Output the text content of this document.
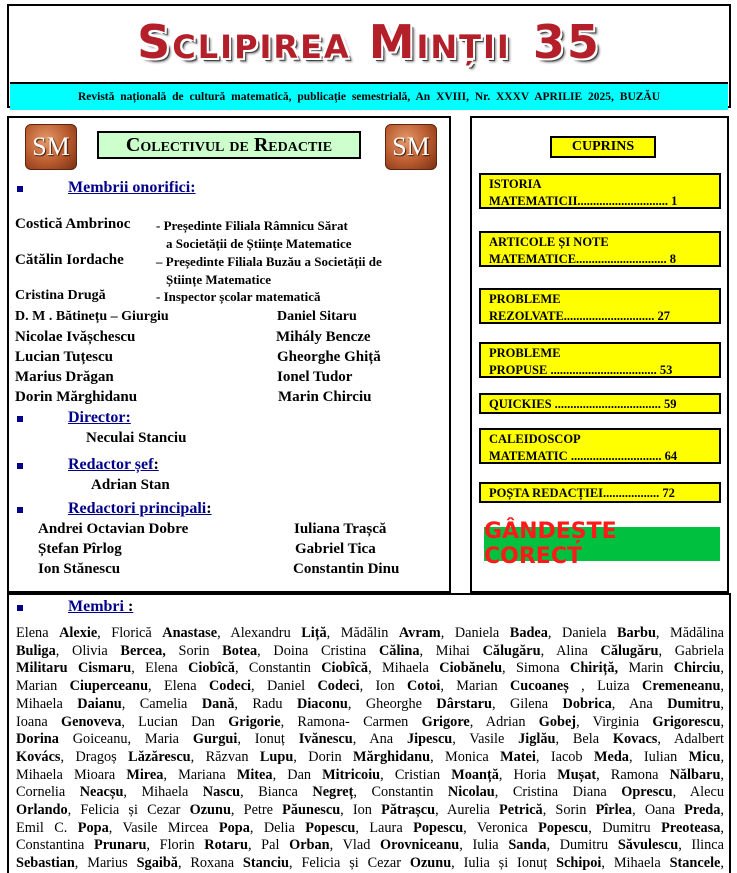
Sclipirea Minții 35
Revistă națională de cultură matematică, publicație semestrială, An XVIII, Nr. XXXV APRILIE 2025, BUZĂU
SM	Colectivul de Redactie	SM
Membrii onorifici:
Costică Ambrinoc - Președinte Filiala Râmnicu Sărat
a Societății de Științe Matematice
Cătălin Iordache – Președinte Filiala Buzău a Societății de
Științe Matematice
Cristina Drugă	- Inspector școlar matematică
D. M . Bătinețu – Giurgiu	Daniel Sitaru
Nicolae Ivășchescu	Mihály Bencze
Lucian Tuțescu	Gheorghe Ghiță
Marius Drăgan	Ionel Tudor
Dorin Mărghidanu	Marin Chirciu
Director:
Neculai Stanciu
Redactor șef:
Adrian Stan
Redactori principali:
Andrei Octavian Dobre	Iuliana Trașcă
Ștefan Pîrlog	Gabriel Tica
Ion Stănescu	Constantin Dinu
CUPRINS
ISTORIA
MATEMATICII............................. 1
ARTICOLE ȘI NOTE
MATEMATICE............................. 8
PROBLEME
REZOLVATE............................. 27
PROBLEME
PROPUSE .................................. 53
QUICKIES .................................. 59
CALEIDOSCOP
MATEMATIC ............................. 64
POȘTA REDACȚIEI.................. 72
GÂNDEȘTE CORECT
Membri :
Elena Alexie, Florică Anastase, Alexandru Liță, Mădălin Avram, Daniela Badea, Daniela Barbu, Mădălina
Buliga, Olivia Bercea, Sorin Botea, Doina Cristina Călina, Mihai Călugăru, Alina Călugăru, Gabriela
Militaru Cismaru, Elena Ciobîcă, Constantin Ciobîcă, Mihaela Ciobănelu, Simona Chiriță, Marin Chirciu,
Marian Ciuperceanu, Elena Codeci, Daniel Codeci, Ion Cotoi, Marian Cucoaneș , Luiza Cremeneanu,
Mihaela Daianu, Camelia Dană, Radu Diaconu, Gheorghe Dârstaru, Gilena Dobrica, Ana Dumitru,
Ioana Genoveva, Lucian Dan Grigorie, Ramona- Carmen Grigore, Adrian Gobej, Virginia Grigorescu,
Dorina Goiceanu, Maria Gurgui, Ionuț Ivănescu, Ana Jipescu, Vasile Jiglău, Bela Kovacs, Adalbert
Kovács, Dragoș Lăzărescu, Răzvan Lupu, Dorin Mărghidanu, Monica Matei, Iacob Meda, Iulian Micu,
Mihaela Mioara Mirea, Mariana Mitea, Dan Mitricoiu, Cristian Moanță, Horia Mușat, Ramona Nălbaru,
Cornelia Neacșu, Mihaela Nascu, Bianca Negreț, Constantin Nicolau, Cristina Diana Oprescu, Alecu
Orlando, Felicia și Cezar Ozunu, Petre Păunescu, Ion Pătrașcu, Aurelia Petrică, Sorin Pîrlea, Oana Preda,
Emil C. Popa, Vasile Mircea Popa, Delia Popescu, Laura Popescu, Veronica Popescu, Dumitru Preoteasa,
Constantina Prunaru, Florin Rotaru, Pal Orban, Vlad Orovniceanu, Iulia Sanda, Dumitru Săvulescu, Ilinca
Sebastian, Marius Sgaibă, Roxana Stanciu, Felicia și Cezar Ozunu, Iulia și Ionuț Schipoi, Mihaela Stancele,
